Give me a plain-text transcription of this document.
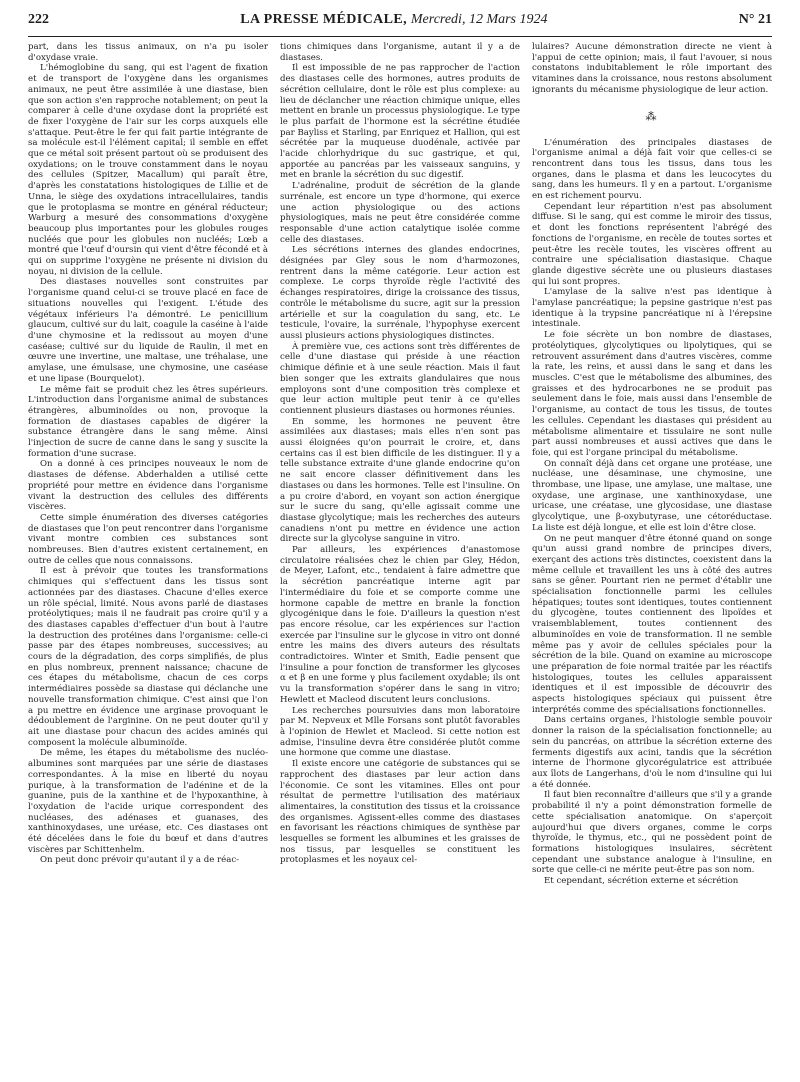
222	LA PRESSE MÉDICALE, Mercredi, 12 Mars 1924	N° 21

part, dans les tissus animaux, on n'a pu isoler d'oxydase vraie.

L'hémoglobine du sang, qui est l'agent de fixation et de transport de l'oxygène dans les organismes animaux, ne peut être assimilée à une diastase, bien que son action s'en rapproche notablement; on peut la comparer à celle d'une oxydase dont la propriété est de fixer l'oxygène de l'air sur les corps auxquels elle s'attaque. Peut-être le fer qui fait partie intégrante de sa molécule est-il l'élément capital; il semble en effet que ce métal soit présent partout où se produisent des oxydations; on le trouve constamment dans le noyau des cellules (Spitzer, Macallum) qui paraît être, d'après les constatations histologiques de Lillie et de Unna, le siège des oxydations intracellulaires, tandis que le protoplasma se montre en général réducteur; Warburg a mesuré des consommations d'oxygène beaucoup plus importantes pour les globules rouges nucléés que pour les globules non nucléés; Lœb a montré que l'œuf d'oursin qui vient d'être fécondé et à qui on supprime l'oxygène ne présente ni division du noyau, ni division de la cellule.

Des diastases nouvelles sont construites par l'organisme quand celui-ci se trouve placé en face de situations nouvelles qui l'exigent. L'étude des végétaux inférieurs l'a démontré. Le penicillium glaucum, cultivé sur du lait, coagule la caséine à l'aide d'une chymosine et la redissout au moyen d'une caséase; cultivé sur du liquide de Raulin, il met en œuvre une invertine, une maltase, une tréhalase, une amylase, une émulsase, une chymosine, une caséase et une lipase (Bourquelot).

Le même fait se produit chez les êtres supérieurs. L'introduction dans l'organisme animal de substances étrangères, albuminoïdes ou non, provoque la formation de diastases capables de digérer la substance étrangère dans le sang même. Ainsi l'injection de sucre de canne dans le sang y suscite la formation d'une sucrase.

On a donné à ces principes nouveaux le nom de diastases de défense. Abderhalden a utilisé cette propriété pour mettre en évidence dans l'organisme vivant la destruction des cellules des différents viscères.

Cette simple énumération des diverses catégories de diastases que l'on peut rencontrer dans l'organisme vivant montre combien ces substances sont nombreuses. Bien d'autres existent certainement, en outre de celles que nous connaissons.

Il est à prévoir que toutes les transformations chimiques qui s'effectuent dans les tissus sont actionnées par des diastases. Chacune d'elles exerce un rôle spécial, limité. Nous avons parlé de diastases protéolytiques; mais il ne faudrait pas croire qu'il y a des diastases capables d'effectuer d'un bout à l'autre la destruction des protéines dans l'organisme: celle-ci passe par des étapes nombreuses, successives; au cours de la dégradation, des corps simplifiés, de plus en plus nombreux, prennent naissance; chacune de ces étapes du métabolisme, chacun de ces corps intermédiaires possède sa diastase qui déclanche une nouvelle transformation chimique. C'est ainsi que l'on a pu mettre en évidence une arginase provoquant le dédoublement de l'arginine. On ne peut douter qu'il y ait une diastase pour chacun des acides aminés qui composent la molécule albuminoïde.

De même, les étapes du métabolisme des nucléo-albumines sont marquées par une série de diastases correspondantes. À la mise en liberté du noyau purique, à la transformation de l'adénine et de la guanine, puis de la xanthine et de l'hypoxanthine, à l'oxydation de l'acide urique correspondent des nucléases, des adénases et guanases, des xanthinoxydases, une uréase, etc. Ces diastases ont été décelées dans le foie du bœuf et dans d'autres viscères par Schittenhelm.

On peut donc prévoir qu'autant il y a de réac-

tions chimiques dans l'organisme, autant il y a de diastases.

Il est impossible de ne pas rapprocher de l'action des diastases celle des hormones, autres produits de sécrétion cellulaire, dont le rôle est plus complexe: au lieu de déclancher une réaction chimique unique, elles mettent en branle un processus physiologique. Le type le plus parfait de l'hormone est la sécrétine étudiée par Bayliss et Starling, par Enriquez et Hallion, qui est sécrétée par la muqueuse duodénale, activée par l'acide chlorhydrique du suc gastrique, et qui, apportée au pancréas par les vaisseaux sanguins, y met en branle la sécrétion du suc digestif.

L'adrénaline, produit de sécrétion de la glande surrénale, est encore un type d'hormone, qui exerce une action physiologique ou des actions physiologiques, mais ne peut être considérée comme responsable d'une action catalytique isolée comme celle des diastases.

Les sécrétions internes des glandes endocrines, désignées par Gley sous le nom d'harmozones, rentrent dans la même catégorie. Leur action est complexe. Le corps thyroïde règle l'activité des échanges respiratoires, dirige la croissance des tissus, contrôle le métabolisme du sucre, agit sur la pression artérielle et sur la coagulation du sang, etc. Le testicule, l'ovaire, la surrénale, l'hypophyse exercent aussi plusieurs actions physiologiques distinctes.

À première vue, ces actions sont très différentes de celle d'une diastase qui préside à une réaction chimique définie et à une seule réaction. Mais il faut bien songer que les extraits glandulaires que nous employons sont d'une composition très complexe et que leur action multiple peut tenir à ce qu'elles contiennent plusieurs diastases ou hormones réunies.

En somme, les hormones ne peuvent être assimilées aux diastases; mais elles n'en sont pas aussi éloignées qu'on pourrait le croire, et, dans certains cas il est bien difficile de les distinguer. Il y a telle substance extraite d'une glande endocrine qu'on ne sait encore classer définitivement dans les diastases ou dans les hormones. Telle est l'insuline. On a pu croire d'abord, en voyant son action énergique sur le sucre du sang, qu'elle agissait comme une diastase glycolytique; mais les recherches des auteurs canadiens n'ont pu mettre en évidence une action directe sur la glycolyse sanguine in vitro.

Par ailleurs, les expériences d'anastomose circulatoire réalisées chez le chien par Gley, Hédon, de Meyer, Lafont, etc., tendaient à faire admettre que la sécrétion pancréatique interne agit par l'intermédiaire du foie et se comporte comme une hormone capable de mettre en branle la fonction glycogénique dans le foie. D'ailleurs la question n'est pas encore résolue, car les expériences sur l'action exercée par l'insuline sur le glycose in vitro ont donné entre les mains des divers auteurs des résultats contradictoires. Winter et Smith, Eadie pensent que l'insuline a pour fonction de transformer les glycoses α et β en une forme γ plus facilement oxydable; ils ont vu la transformation s'opérer dans le sang in vitro; Hewlett et Macleod discutent leurs conclusions.

Les recherches poursuivies dans mon laboratoire par M. Nepveux et Mlle Forsans sont plutôt favorables à l'opinion de Hewlet et Macleod. Si cette notion est admise, l'insuline devra être considérée plutôt comme une hormone que comme une diastase.

Il existe encore une catégorie de substances qui se rapprochent des diastases par leur action dans l'économie. Ce sont les vitamines. Elles ont pour résultat de permettre l'utilisation des matériaux alimentaires, la constitution des tissus et la croissance des organismes. Agissent-elles comme des diastases en favorisant les réactions chimiques de synthèse par lesquelles se forment les albumines et les graisses de nos tissus, par lesquelles se constituent les protoplasmes et les noyaux cel-

lulaires? Aucune démonstration directe ne vient à l'appui de cette opinion; mais, il faut l'avouer, si nous constatons indubitablement le rôle important des vitamines dans la croissance, nous restons absolument ignorants du mécanisme physiologique de leur action.

⁂

L'énumération des principales diastases de l'organisme animal a déjà fait voir que celles-ci se rencontrent dans tous les tissus, dans tous les organes, dans le plasma et dans les leucocytes du sang, dans les humeurs. Il y en a partout. L'organisme en est richement pourvu.

Cependant leur répartition n'est pas absolument diffuse. Si le sang, qui est comme le miroir des tissus, et dont les fonctions représentent l'abrégé des fonctions de l'organisme, en recèle de toutes sortes et peut-être les recèle toutes, les viscères offrent au contraire une spécialisation diastasique. Chaque glande digestive sécrète une ou plusieurs diastases qui lui sont propres.

L'amylase de la salive n'est pas identique à l'amylase pancréatique; la pepsine gastrique n'est pas identique à la trypsine pancréatique ni à l'érepsine intestinale.

Le foie sécrète un bon nombre de diastases, protéolytiques, glycolytiques ou lipolytiques, qui se retrouvent assurément dans d'autres viscères, comme la rate, les reins, et aussi dans le sang et dans les muscles. C'est que le métabolisme des albumines, des graisses et des hydrocarbones ne se produit pas seulement dans le foie, mais aussi dans l'ensemble de l'organisme, au contact de tous les tissus, de toutes les cellules. Cependant les diastases qui président au métabolisme alimentaire et tissulaire ne sont nulle part aussi nombreuses et aussi actives que dans le foie, qui est l'organe principal du métabolisme.

On connaît déjà dans cet organe une protéase, une nucléase, une désaminase, une chymosine, une thrombase, une lipase, une amylase, une maltase, une oxydase, une arginase, une xanthinoxydase, une uricase, une créatase, une glycosidase, une diastase glycolytique, une β-oxybutyrase, une cétoréductase. La liste est déjà longue, et elle est loin d'être close.

On ne peut manquer d'être étonné quand on songe qu'un aussi grand nombre de principes divers, exerçant des actions très distinctes, coexistent dans la même cellule et travaillent les uns à côté des autres sans se gêner. Pourtant rien ne permet d'établir une spécialisation fonctionnelle parmi les cellules hépatiques; toutes sont identiques, toutes contiennent du glycogène, toutes contiennent des lipoïdes et vraisemblablement, toutes contiennent des albuminoïdes en voie de transformation. Il ne semble même pas y avoir de cellules spéciales pour la sécrétion de la bile. Quand on examine au microscope une préparation de foie normal traitée par les réactifs histologiques, toutes les cellules apparaissent identiques et il est impossible de découvrir des aspects histologiques spéciaux qui puissent être interprétés comme des spécialisations fonctionnelles.

Dans certains organes, l'histologie semble pouvoir donner la raison de la spécialisation fonctionnelle; au sein du pancréas, on attribue la sécrétion externe des ferments digestifs aux acini, tandis que la sécrétion interne de l'hormone glycorégulatrice est attribuée aux îlots de Langerhans, d'où le nom d'insuline qui lui a été donnée.

Il faut bien reconnaître d'ailleurs que s'il y a grande probabilité il n'y a point démonstration formelle de cette spécialisation anatomique. On s'aperçoit aujourd'hui que divers organes, comme le corps thyroïde, le thymus, etc., qui ne possèdent point de formations histologiques insulaires, sécrètent cependant une substance analogue à l'insuline, en sorte que celle-ci ne mérite peut-être pas son nom.

Et cependant, sécrétion externe et sécrétion
